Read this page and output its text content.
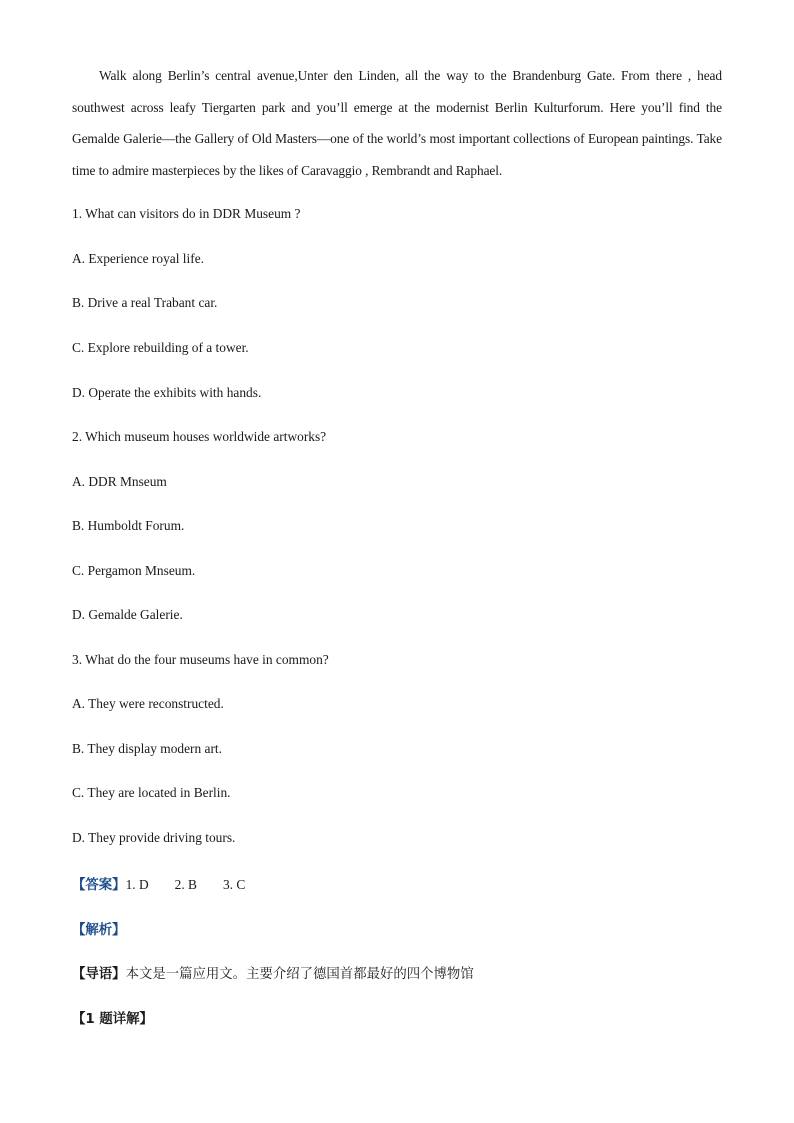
Walk along Berlin’s central avenue,Unter den Linden, all the way to the Brandenburg Gate. From there , head southwest across leafy Tiergarten park and you’ll emerge at the modernist Berlin Kulturforum. Here you’ll find the Gemalde Galerie—the Gallery of Old Masters—one of the world’s most important collections of European paintings. Take time to admire masterpieces by the likes of Caravaggio , Rembrandt and Raphael.

1. What can visitors do in DDR Museum ?

A. Experience royal life.

B. Drive a real Trabant car.

C. Explore rebuilding of a tower.

D. Operate the exhibits with hands.

2. Which museum houses worldwide artworks?

A. DDR Mnseum

B. Humboldt Forum.

C. Pergamon Mnseum.

D. Gemalde Galerie.

3. What do the four museums have in common?

A. They were reconstructed.

B. They display modern art.

C. They are located in Berlin.

D. They provide driving tours.

【答案】1. D 2. B 3. C

【解析】

【导语】本文是一篇应用文。主要介绍了德国首都最好的四个博物馆

【1 题详解】
